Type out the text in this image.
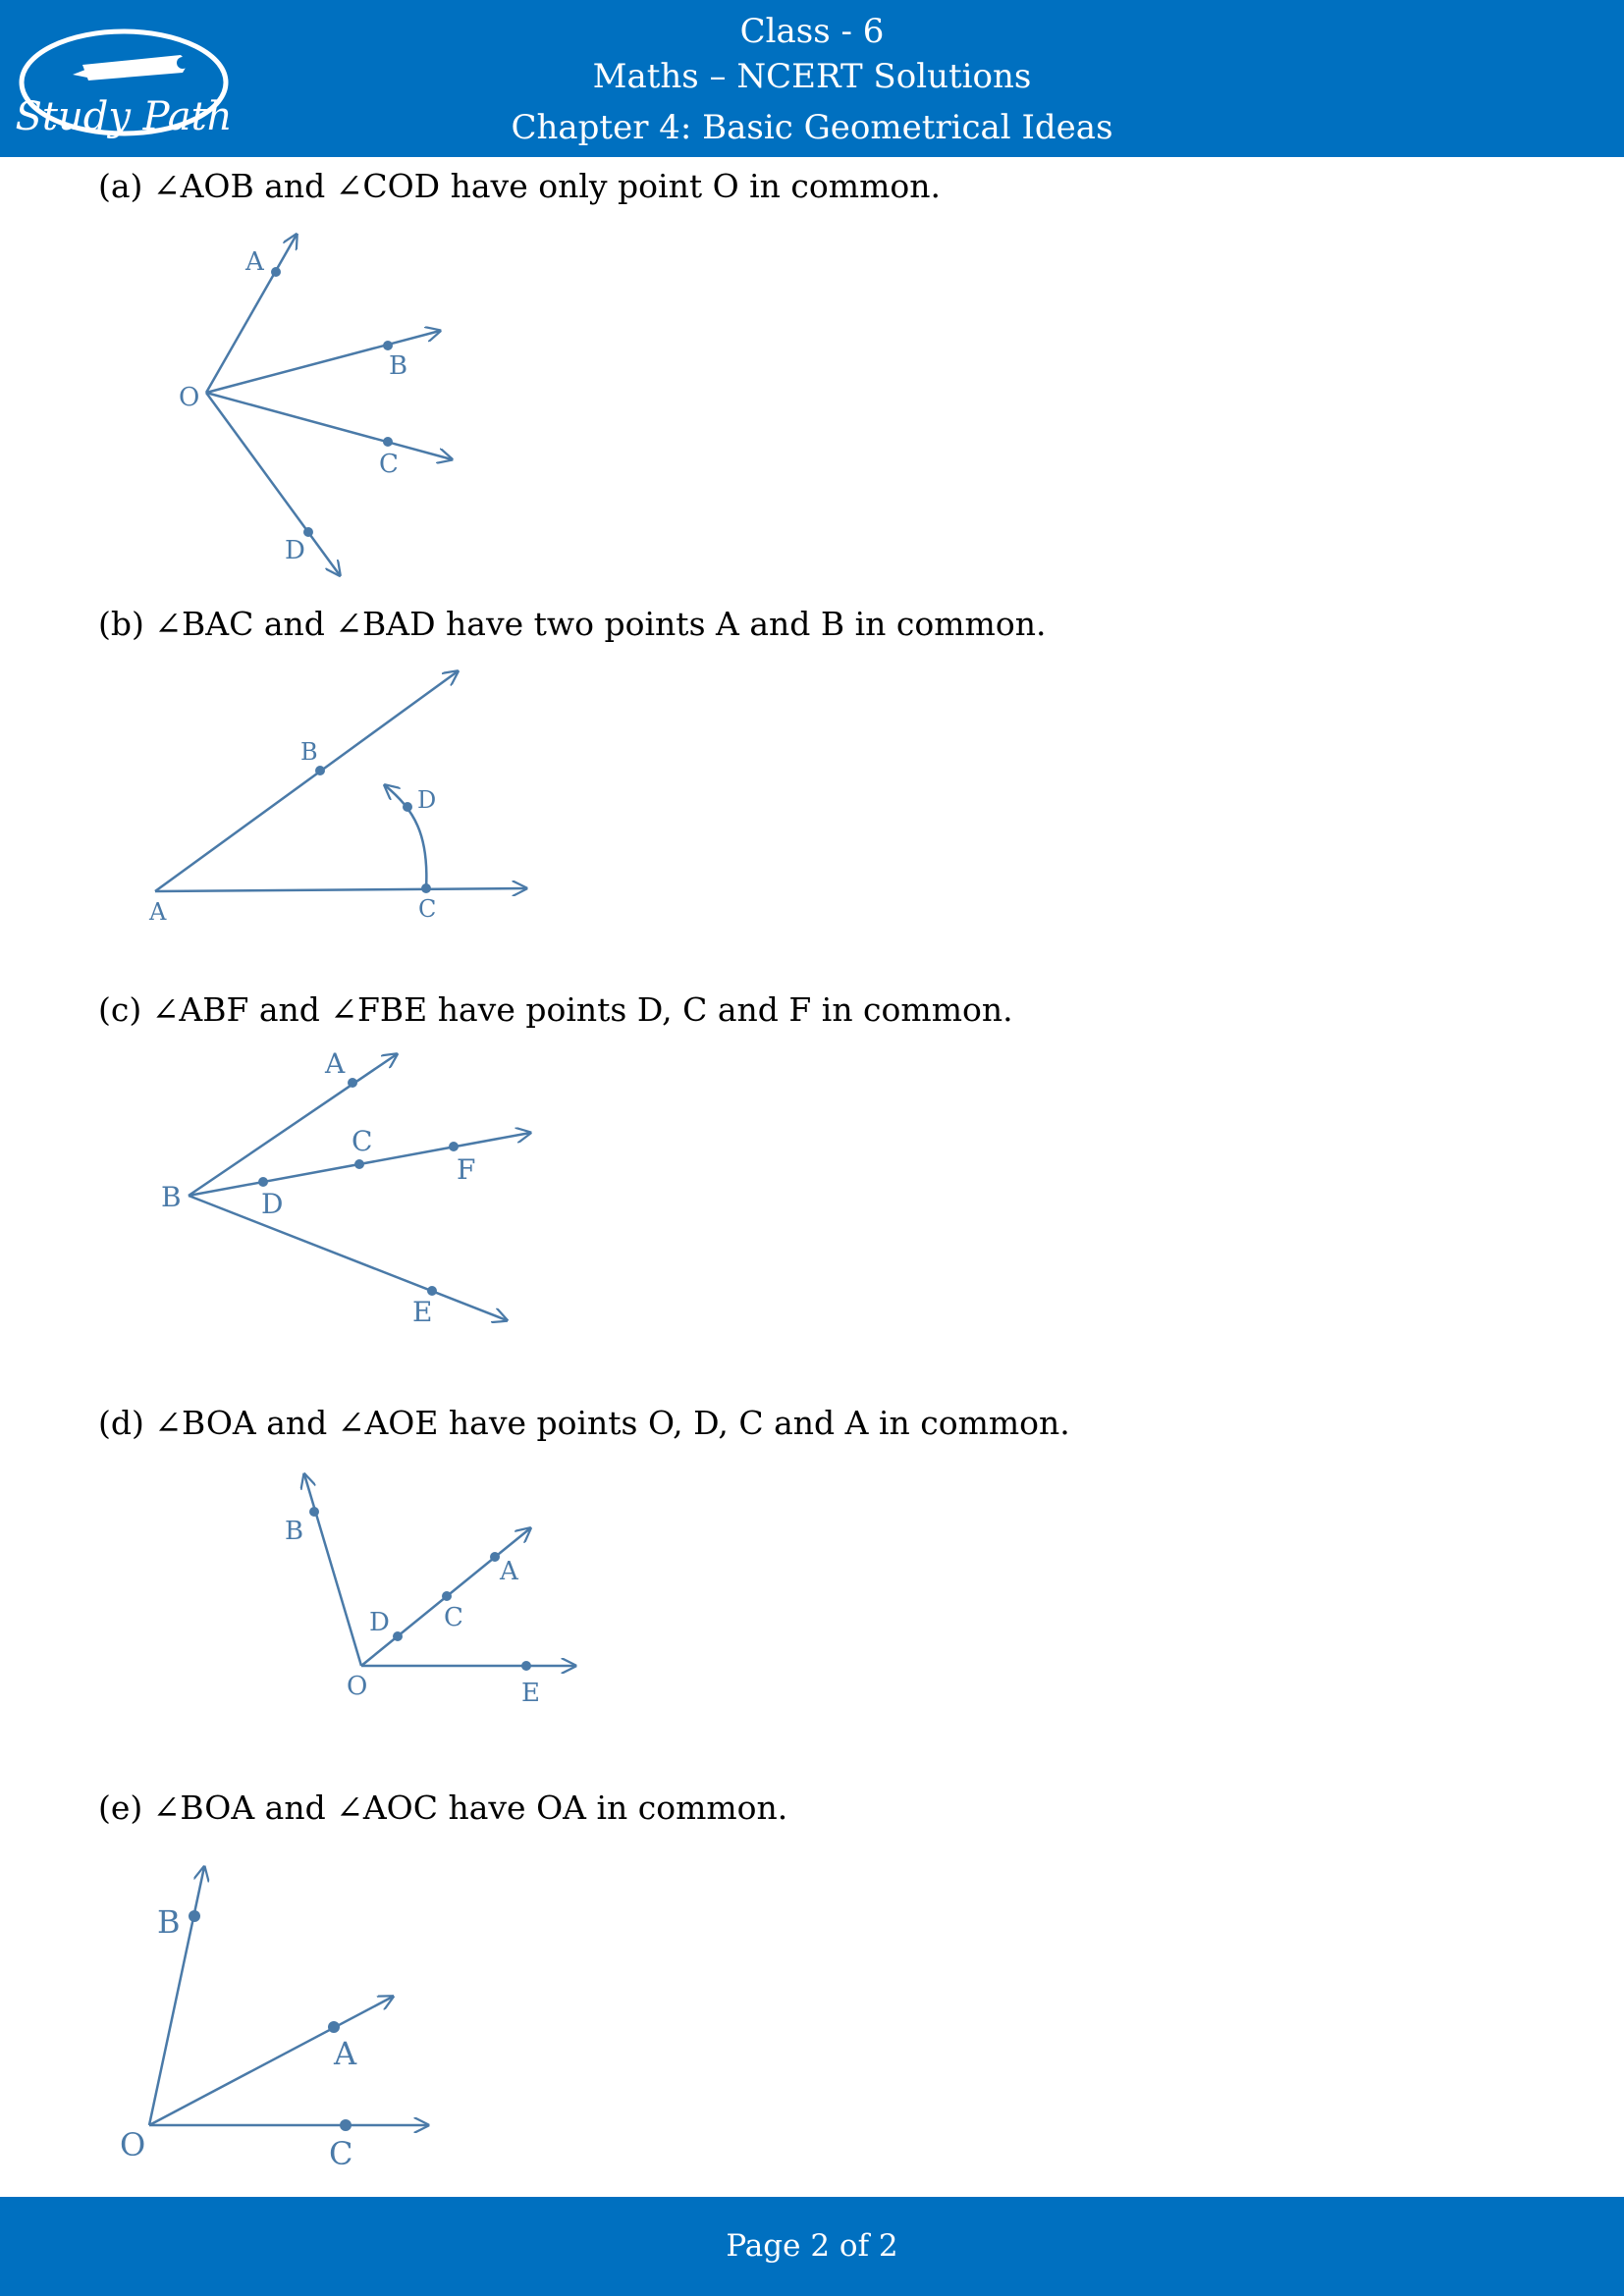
Study Path
Class - 6
Maths – NCERT Solutions
Chapter 4: Basic Geometrical Ideas
(a) ∠AOB and ∠COD have only point O in common.
A
B
O
C
D
(b) ∠BAC and ∠BAD have two points A and B in common.
B
D
A	C
(c) ∠ABF and ∠FBE have points D, C and F in common.
A
B
C
D
F
E
(d) ∠BOA and ∠AOE have points O, D, C and A in common.
B
D C
A
O	E
(e) ∠BOA and ∠AOC have OA in common.
B
A
O	C
Page 2 of 2
